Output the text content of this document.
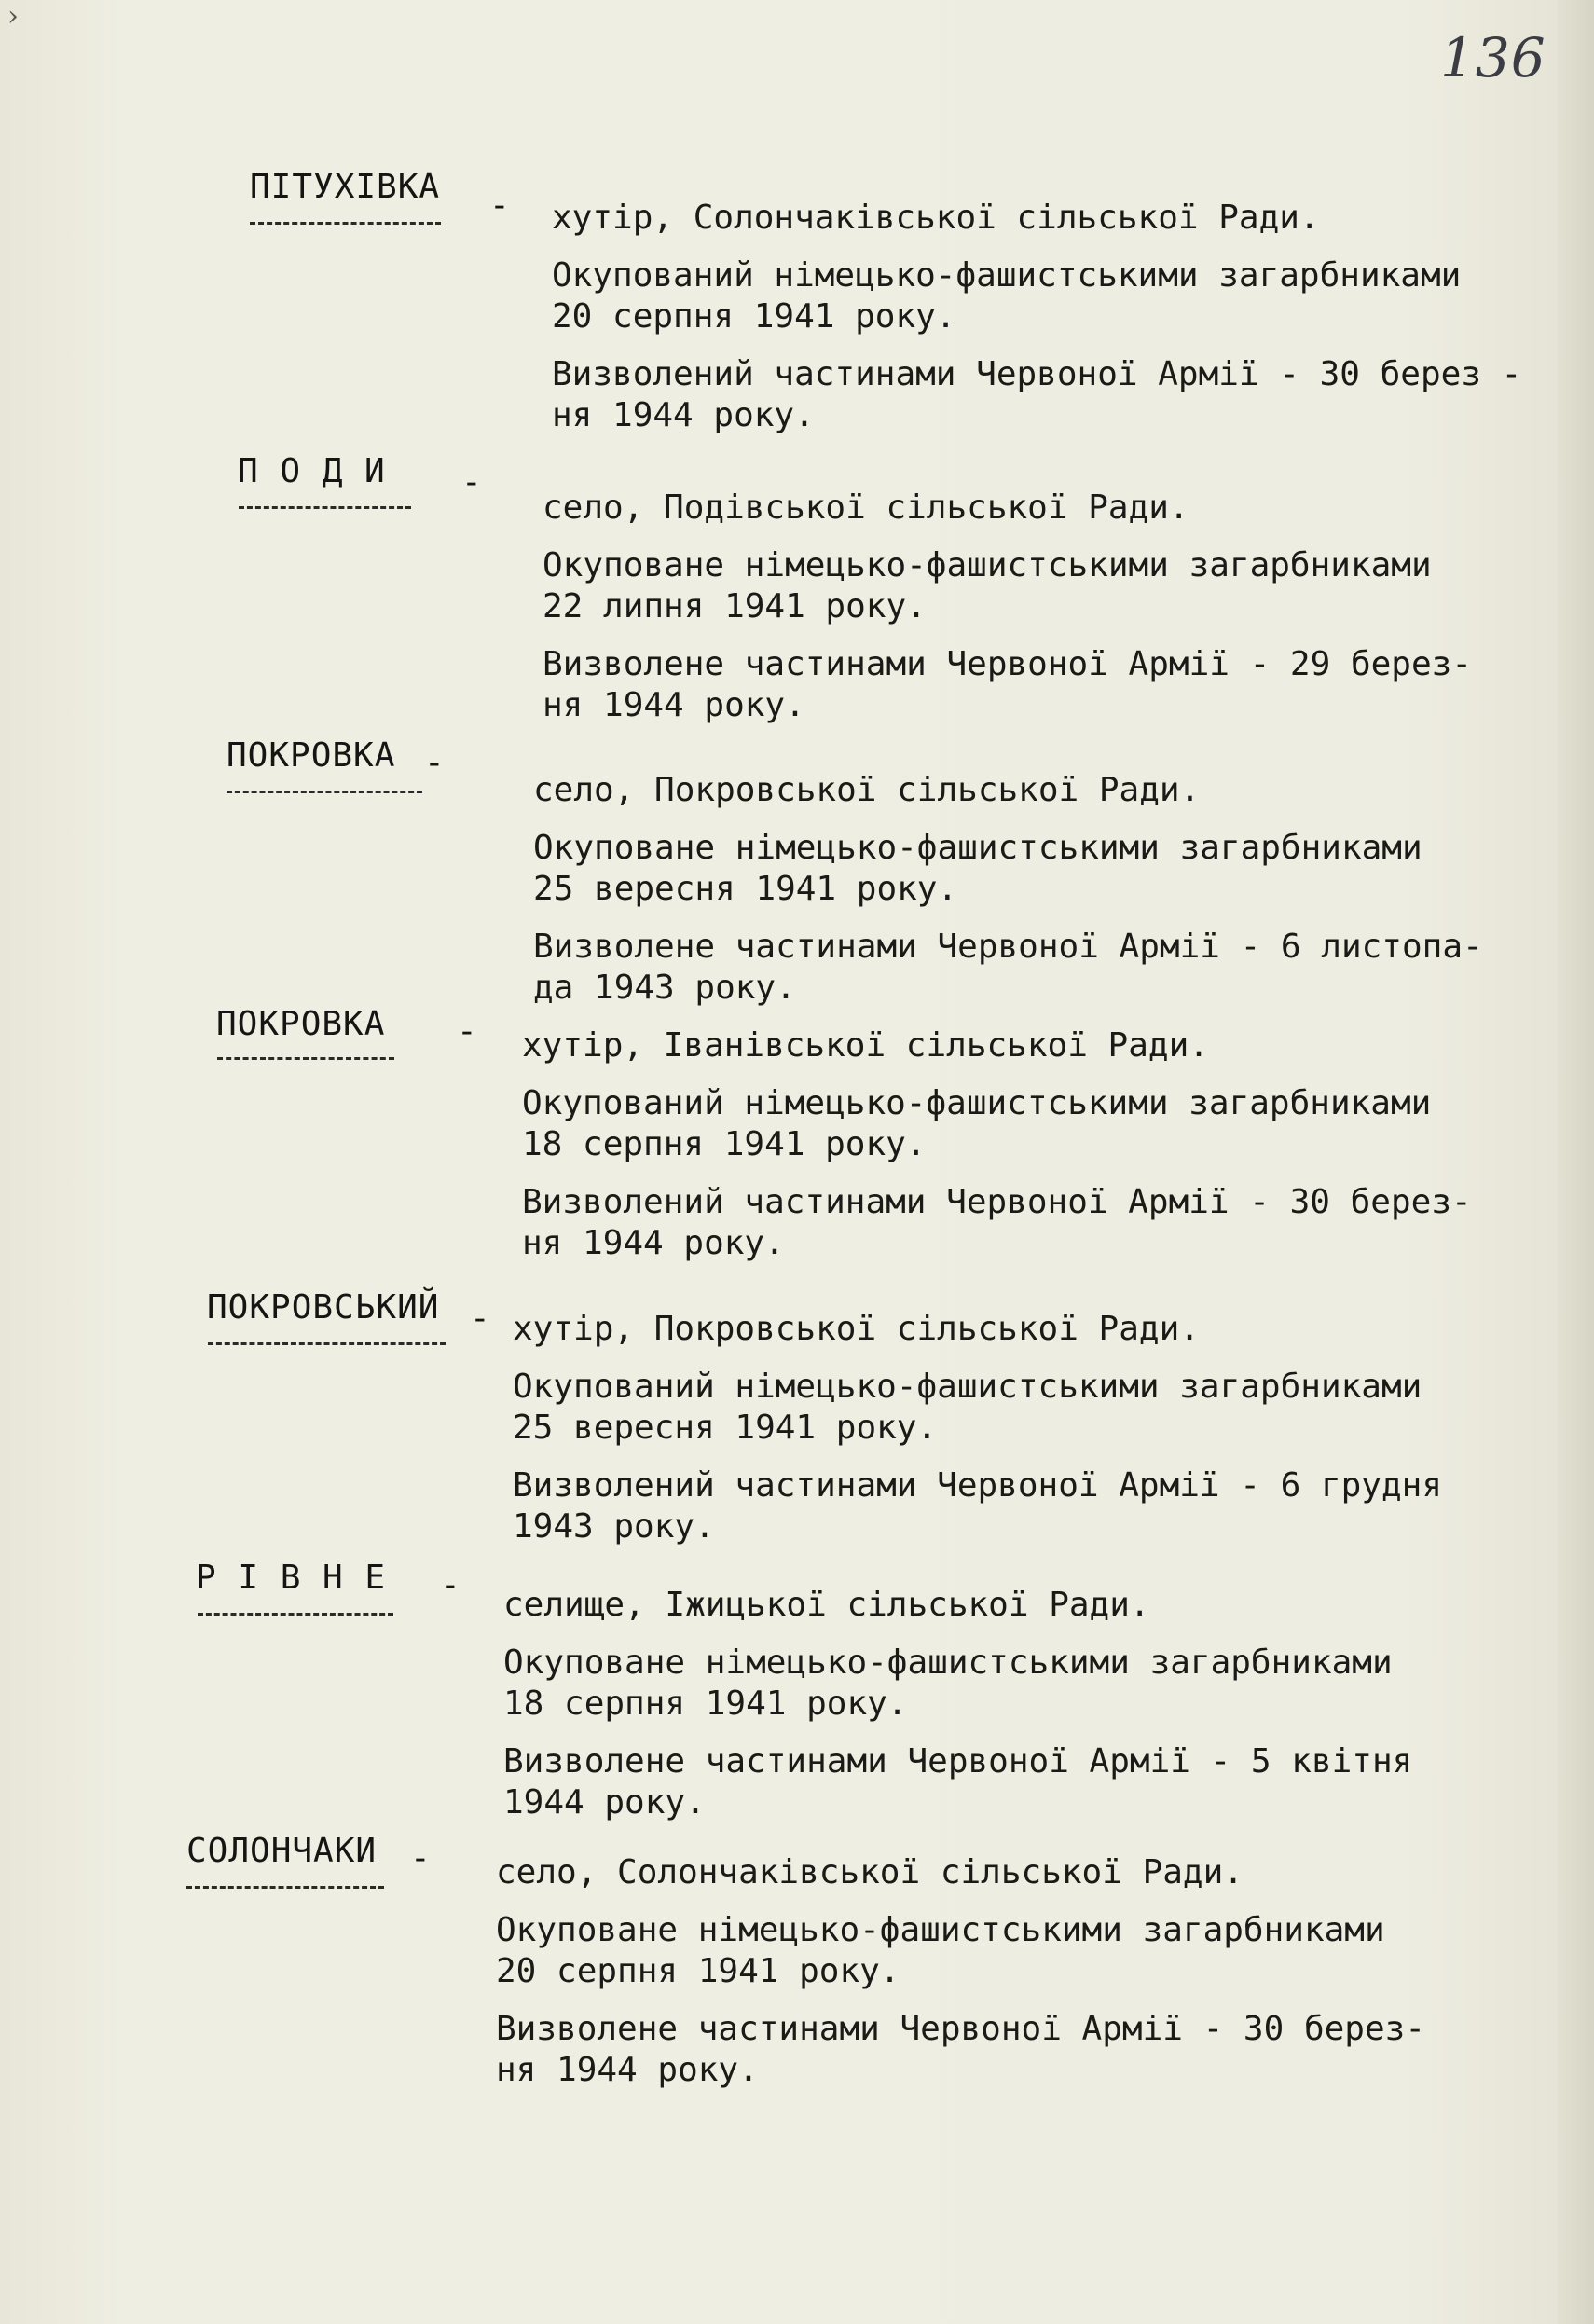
›
136
ПІТУХІВКА - хутір, Солончаківської сільської Ради.
Окупований німецько-фашистськими загарбниками
20 серпня 1941 року.
Визволений частинами Червоної Армії - 30 берез -
ня 1944 року.
П О Д И -
село, Подівської сільської Ради.
Окуповане німецько-фашистськими загарбниками
22 липня 1941 року.
Визволене частинами Червоної Армії - 29 берез-
ня 1944 року.
ПОКРОВКА -
село, Покровської сільської Ради.
Окуповане німецько-фашистськими загарбниками
25 вересня 1941 року.
Визволене частинами Червоної Армії - 6 листопа-
да 1943 року.
ПОКРОВКА - хутір, Іванівської сільської Ради.
Окупований німецько-фашистськими загарбниками
18 серпня 1941 року.
Визволений частинами Червоної Армії - 30 берез-
ня 1944 року.
ПОКРОВСЬКИЙ - хутір, Покровської сільської Ради.
Окупований німецько-фашистськими загарбниками
25 вересня 1941 року.
Визволений частинами Червоної Армії - 6 грудня
1943 року.
Р І В Н Е -
селище, Іжицької сільської Ради.
Окуповане німецько-фашистськими загарбниками
18 серпня 1941 року.
Визволене частинами Червоної Армії - 5 квітня
1944 року.
СОЛОНЧАКИ - село, Солончаківської сільської Ради.
Окуповане німецько-фашистськими загарбниками
20 серпня 1941 року.
Визволене частинами Червоної Армії - 30 берез-
ня 1944 року.
